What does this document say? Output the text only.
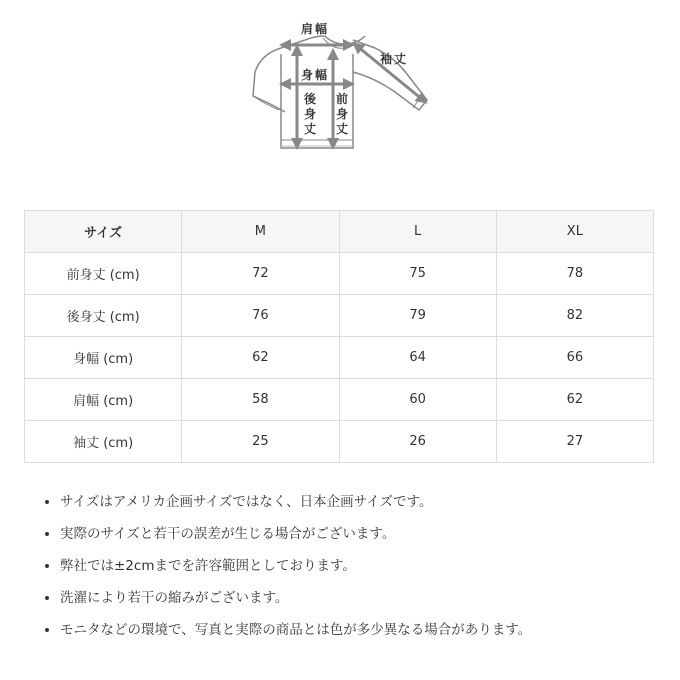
肩幅
袖丈
身幅
後身丈
前身丈
サイズ	M	L	XL
前身丈 (cm)	72	75	78
後身丈 (cm)	76	79	82
身幅 (cm)	62	64	66
肩幅 (cm)	58	60	62
袖丈 (cm)	25	26	27
• サイズはアメリカ企画サイズではなく、日本企画サイズです。
• 実際のサイズと若干の誤差が生じる場合がございます。
• 弊社では±2cmまでを許容範囲としております。
• 洗濯により若干の縮みがございます。
• モニタなどの環境で、写真と実際の商品とは色が多少異なる場合があります。
